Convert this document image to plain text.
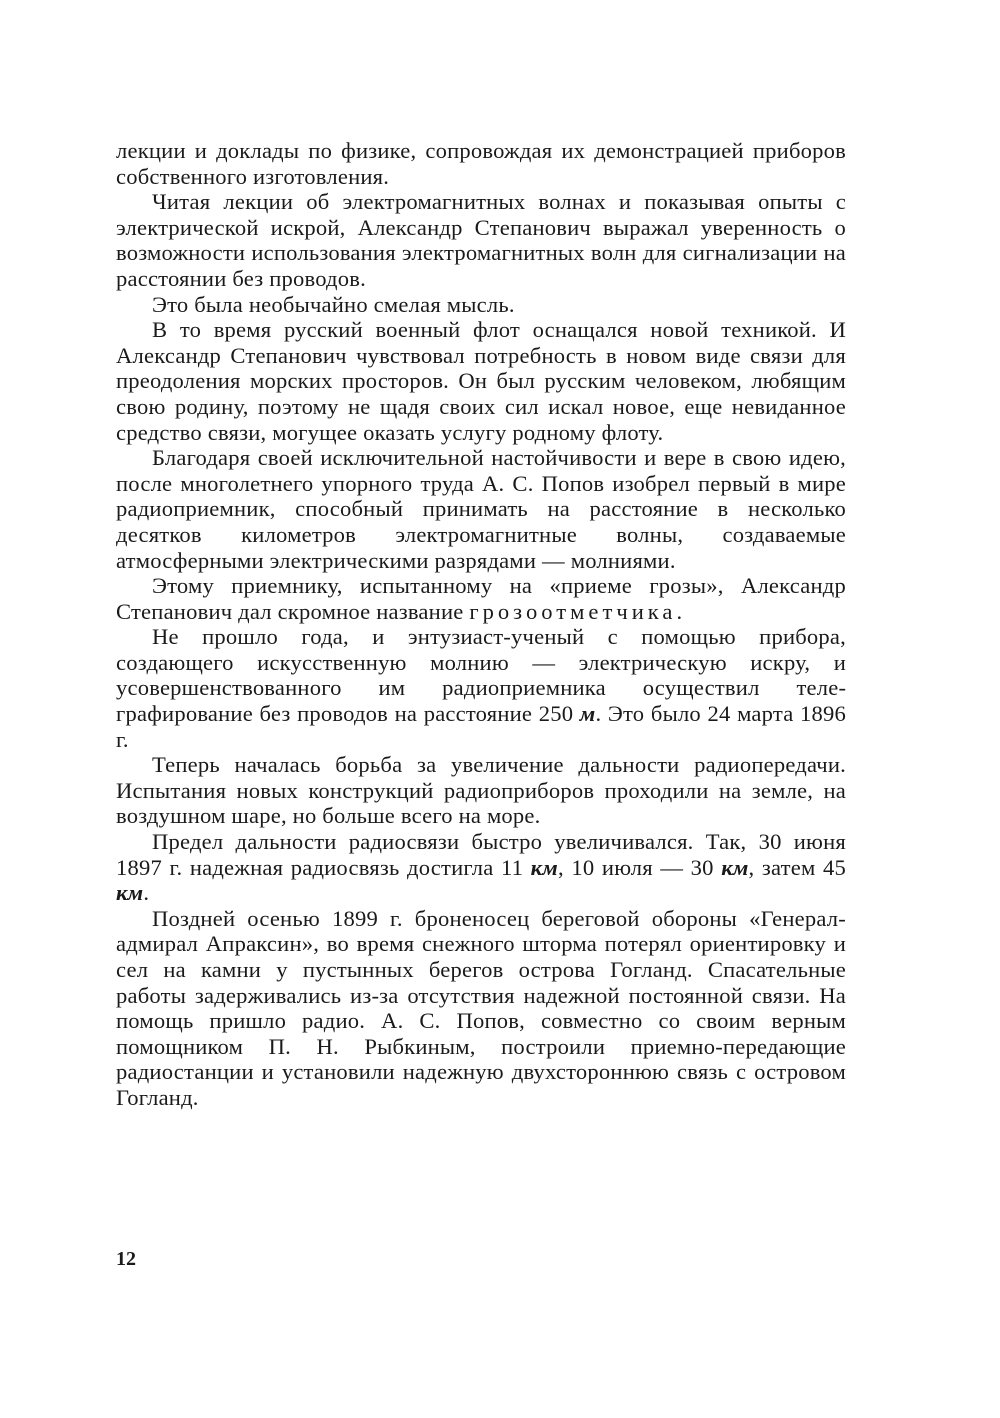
лекции и доклады по физике, сопровождая их демонстрацией приборов собственного изготовления.

Читая лекции об электромагнитных волнах и показывая опыты с электрической искрой, Александр Степанович выражал уверенность о возможности использования электромагнитных волн для сигнализации на расстоянии без проводов.

Это была необычайно смелая мысль.

В то время русский военный флот оснащался новой техникой. И Александр Степанович чувствовал потребность в новом виде связи для преодоления морских просторов. Он был русским человеком, любящим свою родину, поэтому не щадя своих сил искал новое, еще невиданное средство связи, могущее оказать услугу родному флоту.

Благодаря своей исключительной настойчивости и вере в свою идею, после многолетнего упорного труда А. С. Попов изобрел первый в мире радиоприемник, способный принимать на расстояние в несколько десятков километров электромагнитные волны, создаваемые атмосферными электрическими разрядами — молниями.

Этому приемнику, испытанному на «приеме грозы», Александр Степанович дал скромное название грозоотметчика.

Не прошло года, и энтузиаст-ученый с помощью прибора, создающего искусственную молнию — электрическую искру, и усовершенствованного им радиоприемника осуществил телеграфирование без проводов на расстояние 250 м. Это было 24 марта 1896 г.

Теперь началась борьба за увеличение дальности радиопередачи. Испытания новых конструкций радиоприборов проходили на земле, на воздушном шаре, но больше всего на море.

Предел дальности радиосвязи быстро увеличивался. Так, 30 июня 1897 г. надежная радиосвязь достигла 11 км, 10 июля — 30 км, затем 45 км.

Поздней осенью 1899 г. броненосец береговой обороны «Генерал-адмирал Апраксин», во время снежного шторма потерял ориентировку и сел на камни у пустынных берегов острова Гогланд. Спасательные работы задерживались из-за отсутствия надежной постоянной связи. На помощь пришло радио. А. С. Попов, совместно со своим верным помощником П. Н. Рыбкиным, построили приемно-передающие радиостанции и установили надежную двухстороннюю связь с островом Гогланд.

12
